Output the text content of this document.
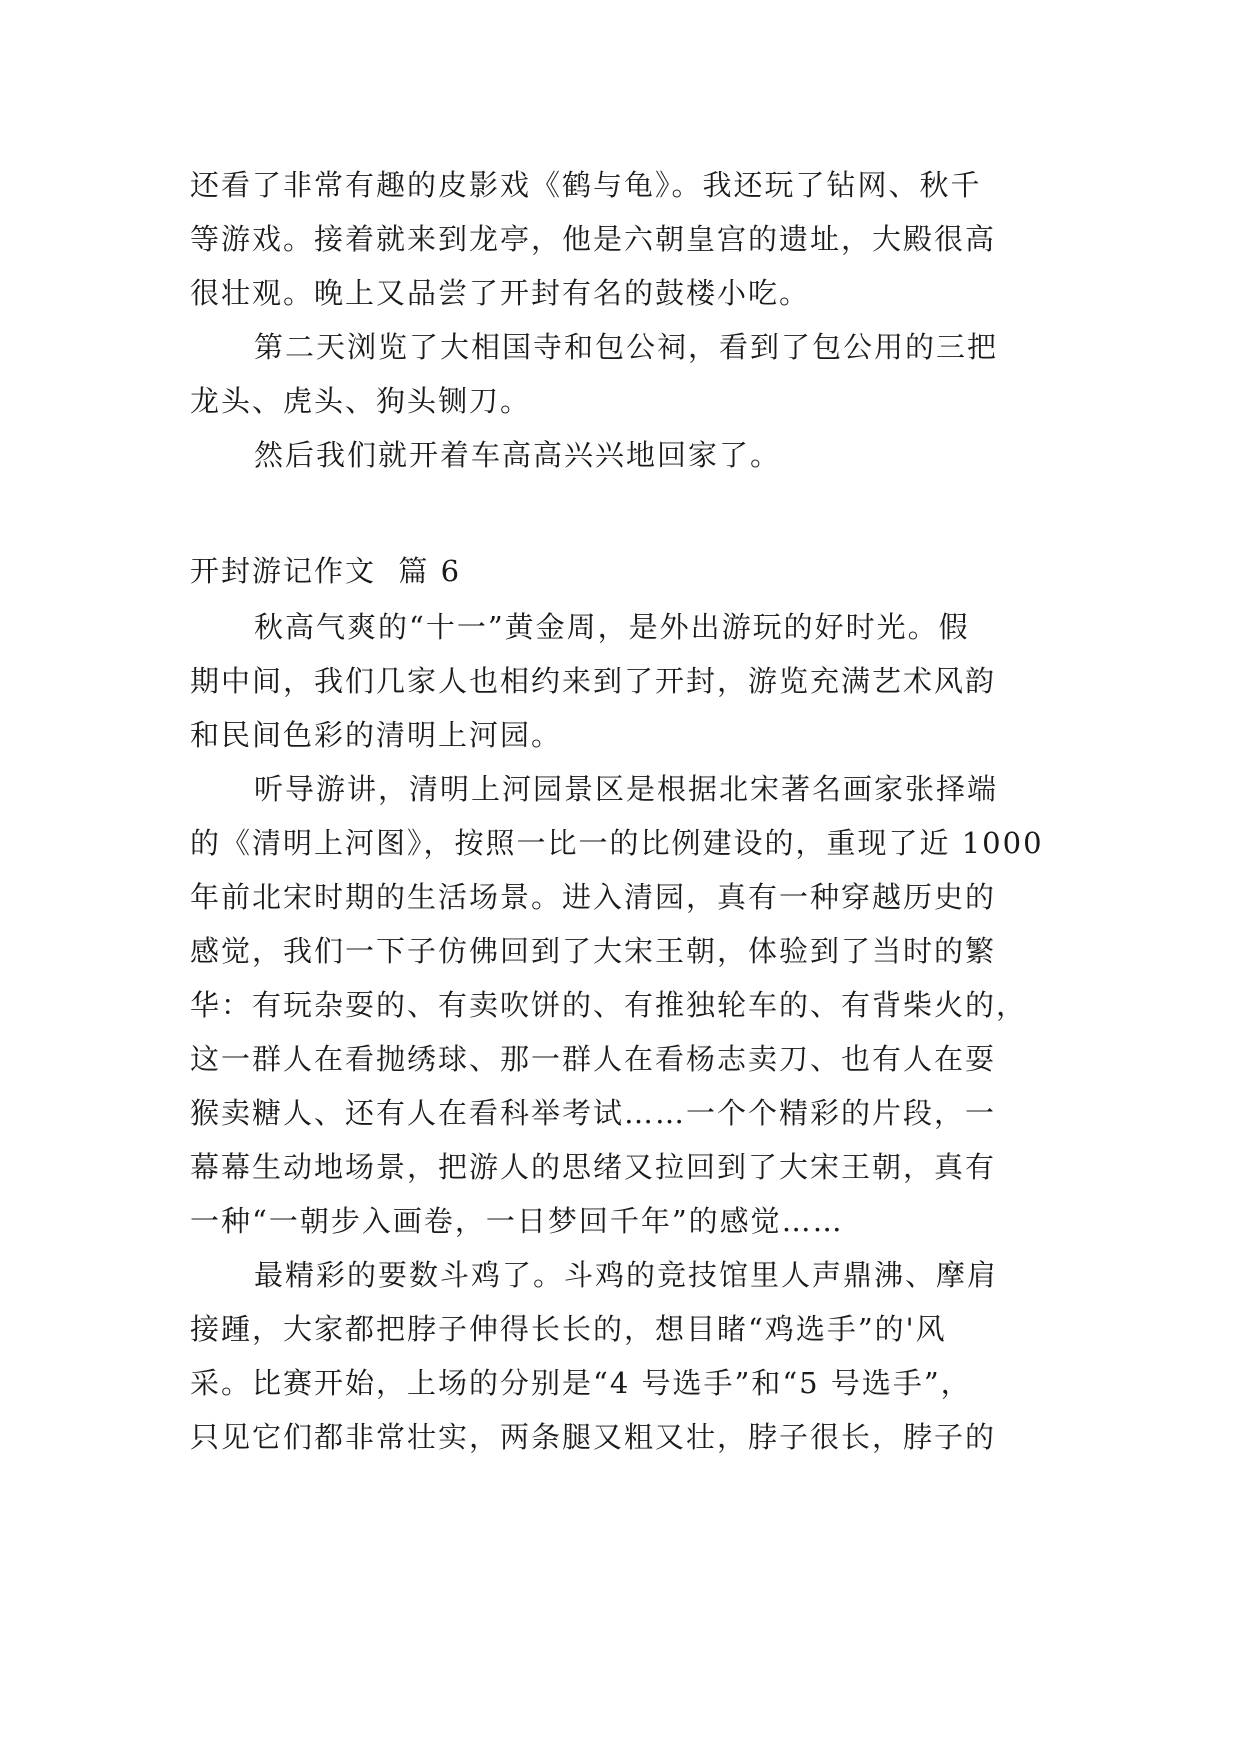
还看了非常有趣的皮影戏《鹤与龟》。我还玩了钻网、秋千
等游戏。接着就来到龙亭，他是六朝皇宫的遗址，大殿很高
很壮观。晚上又品尝了开封有名的鼓楼小吃。
第二天浏览了大相国寺和包公祠，看到了包公用的三把
龙头、虎头、狗头铡刀。
然后我们就开着车高高兴兴地回家了。
开封游记作文  篇 6
秋高气爽的“十一”黄金周，是外出游玩的好时光。假
期中间，我们几家人也相约来到了开封，游览充满艺术风韵
和民间色彩的清明上河园。
听导游讲，清明上河园景区是根据北宋著名画家张择端
的《清明上河图》，按照一比一的比例建设的，重现了近 1000
年前北宋时期的生活场景。进入清园，真有一种穿越历史的
感觉，我们一下子仿佛回到了大宋王朝，体验到了当时的繁
华：有玩杂耍的、有卖吹饼的、有推独轮车的、有背柴火的，
这一群人在看抛绣球、那一群人在看杨志卖刀、也有人在耍
猴卖糖人、还有人在看科举考试……一个个精彩的片段，一
幕幕生动地场景，把游人的思绪又拉回到了大宋王朝，真有
一种“一朝步入画卷，一日梦回千年”的感觉……
最精彩的要数斗鸡了。斗鸡的竞技馆里人声鼎沸、摩肩
接踵，大家都把脖子伸得长长的，想目睹“鸡选手”的'风
采。比赛开始，上场的分别是“4 号选手”和“5 号选手”，
只见它们都非常壮实，两条腿又粗又壮，脖子很长，脖子的
